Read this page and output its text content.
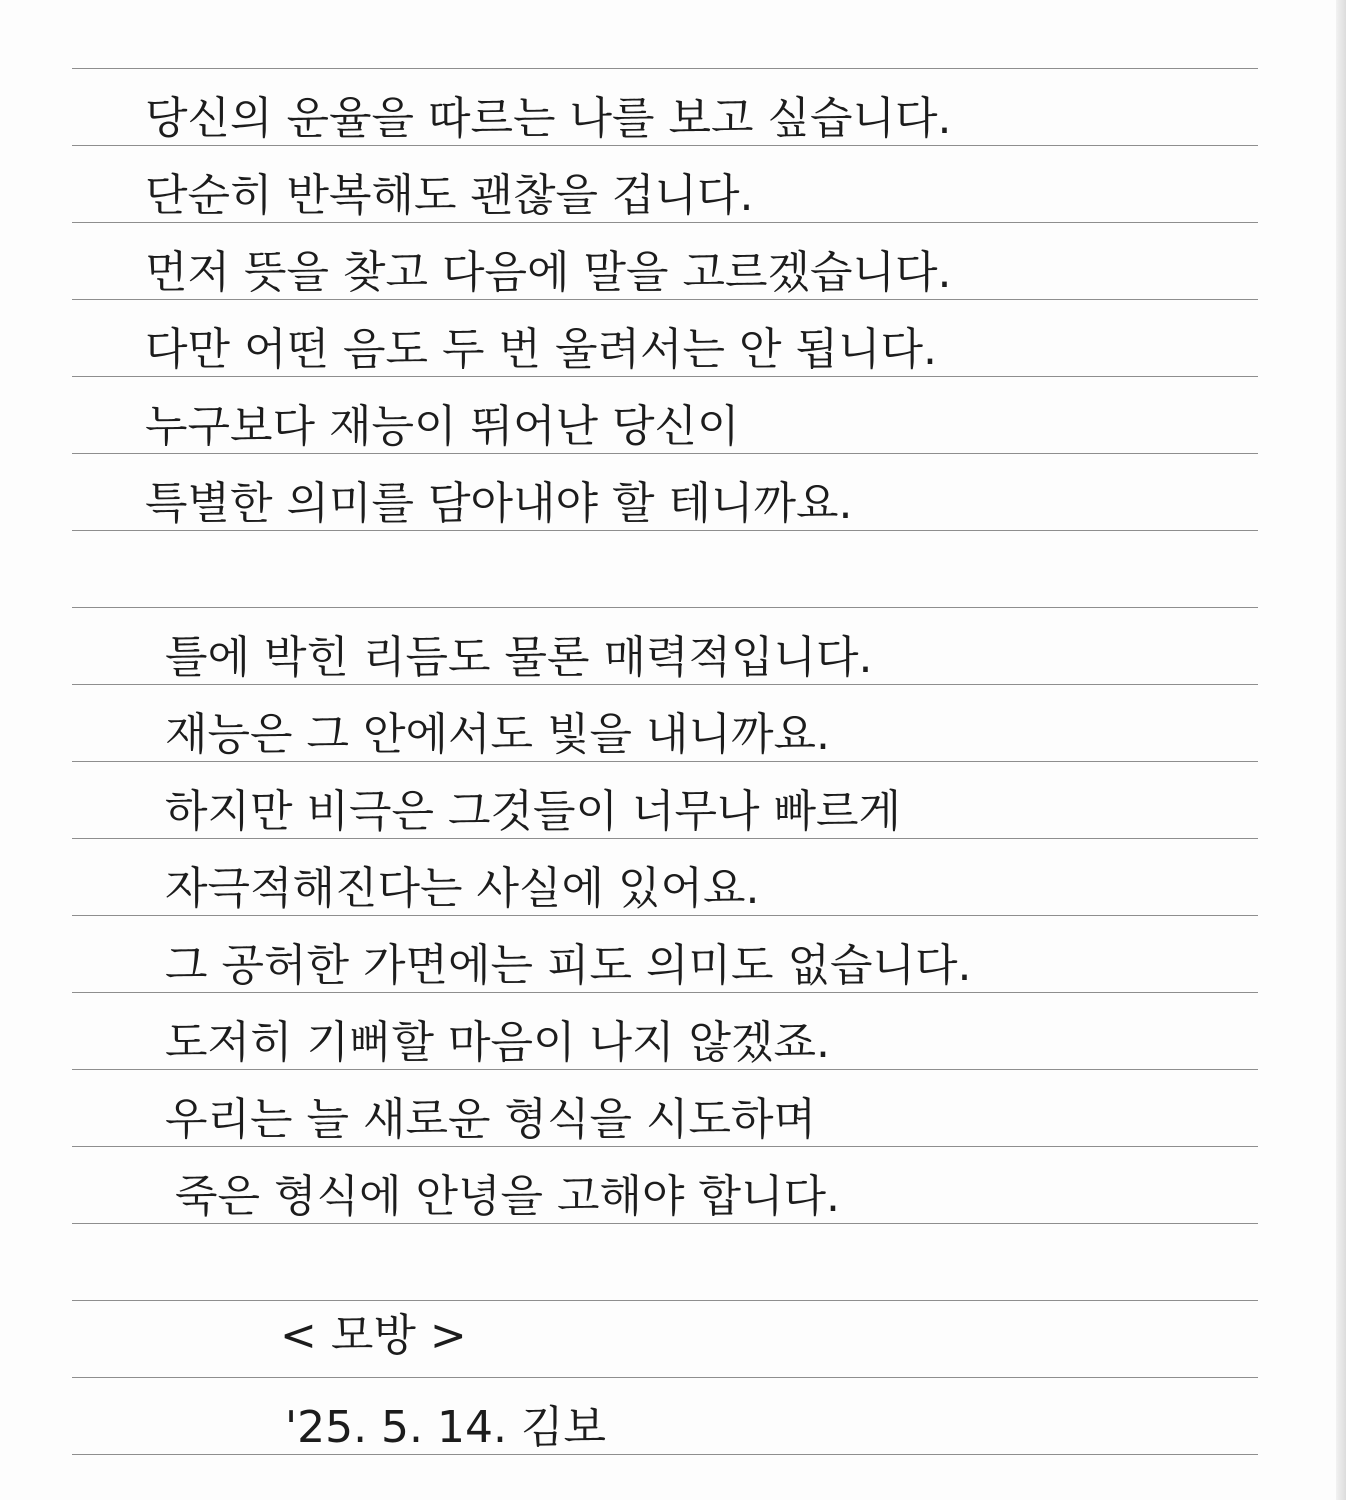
당신의 운율을 따르는 나를 보고 싶습니다.
단순히 반복해도 괜찮을 겁니다.
먼저 뜻을 찾고 다음에 말을 고르겠습니다.
다만 어떤 음도 두 번 울려서는 안 됩니다.
누구보다 재능이 뛰어난 당신이
특별한 의미를 담아내야 할 테니까요.
틀에 박힌 리듬도 물론 매력적입니다.
재능은 그 안에서도 빛을 내니까요.
하지만 비극은 그것들이 너무나 빠르게
자극적해진다는 사실에 있어요.
그 공허한 가면에는 피도 의미도 없습니다.
도저히 기뻐할 마음이 나지 않겠죠.
우리는 늘 새로운 형식을 시도하며
죽은 형식에 안녕을 고해야 합니다.
< 모방 >
'25. 5. 14. 김보
